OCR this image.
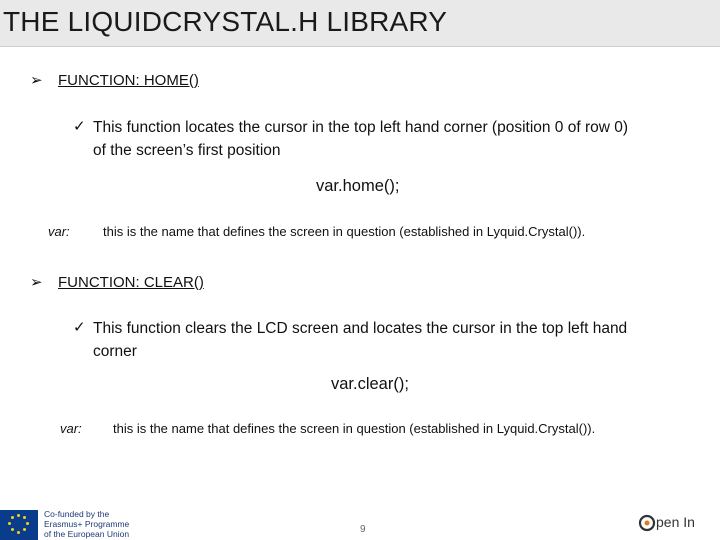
THE LIQUIDCRYSTAL.H LIBRARY
➢ FUNCTION: HOME()
✓ This function locates the cursor in the top left hand corner (position 0 of row 0)
of the screen’s first position
var.home();
var:	this is the name that defines the screen in question (established in Lyquid.Crystal()).
➢ FUNCTION: CLEAR()
✓ This function clears the LCD screen and locates the cursor in the top left hand
corner
var.clear();
var: this is the name that defines the screen in question (established in Lyquid.Crystal()).
Co-funded by the
Erasmus+ Programme
of the European Union	9	pen In
